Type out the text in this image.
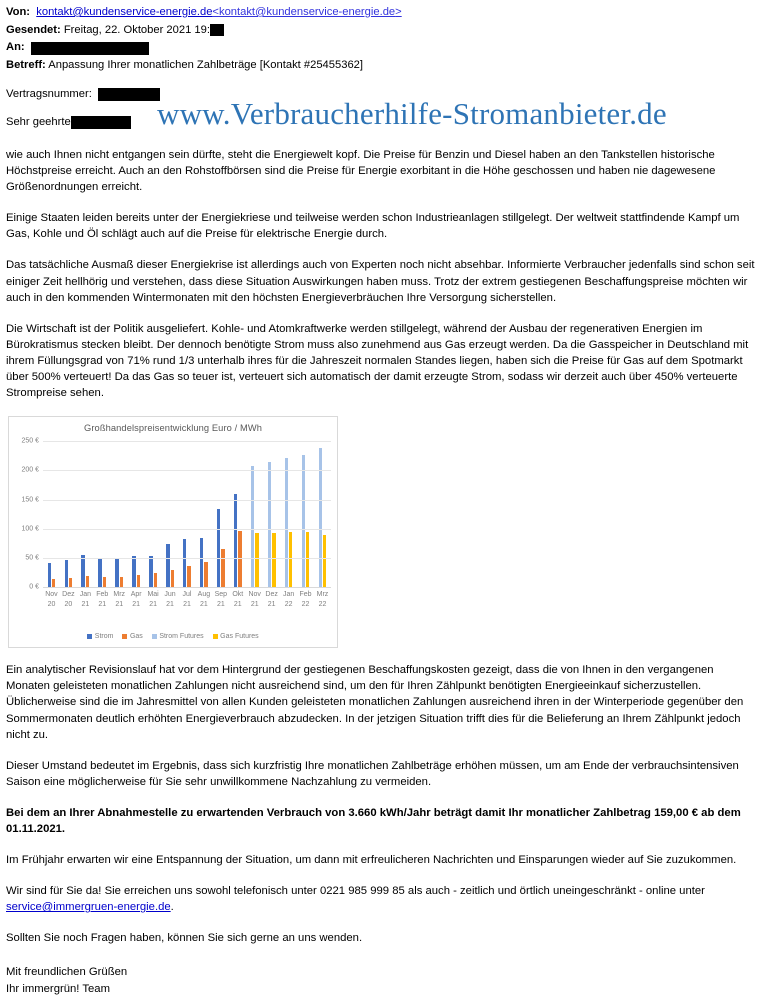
Von: kontakt@kundenservice-energie.de<kontakt@kundenservice-energie.de>
Gesendet: Freitag, 22. Oktober 2021 19:
An:
Betreff: Anpassung Ihrer monatlichen Zahlbeträge [Kontakt #25455362]
Vertragsnummer:
Sehr geehrte	www.Verbraucherhilfe-Stromanbieter.de

wie auch Ihnen nicht entgangen sein dürfte, steht die Energiewelt kopf. Die Preise für Benzin und Diesel haben an den Tankstellen historische Höchstpreise erreicht. Auch an den Rohstoffbörsen sind die Preise für Energie exorbitant in die Höhe geschossen und haben nie dagewesene Größenordnungen erreicht.

Einige Staaten leiden bereits unter der Energiekriese und teilweise werden schon Industrieanlagen stillgelegt. Der weltweit stattfindende Kampf um Gas, Kohle und Öl schlägt auch auf die Preise für elektrische Energie durch.

Das tatsächliche Ausmaß dieser Energiekrise ist allerdings auch von Experten noch nicht absehbar. Informierte Verbraucher jedenfalls sind schon seit einiger Zeit hellhörig und verstehen, dass diese Situation Auswirkungen haben muss. Trotz der extrem gestiegenen Beschaffungspreise möchten wir auch in den kommenden Wintermonaten mit den höchsten Energieverbräuchen Ihre Versorgung sicherstellen.

Die Wirtschaft ist der Politik ausgeliefert. Kohle- und Atomkraftwerke werden stillgelegt, während der Ausbau der regenerativen Energien im Bürokratismus stecken bleibt. Der dennoch benötigte Strom muss also zunehmend aus Gas erzeugt werden. Da die Gasspeicher in Deutschland mit ihrem Füllungsgrad von 71% rund 1/3 unterhalb ihres für die Jahreszeit normalen Standes liegen, haben sich die Preise für Gas auf dem Spotmarkt über 500% verteuert! Da das Gas so teuer ist, verteuert sich automatisch der damit erzeugte Strom, sodass wir derzeit auch über 450% verteuerte Strompreise sehen.

Großhandelspreisentwicklung Euro / MWh
250 €
200 €
150 €
100 €
50 €
0 €
Nov
20
Dez
20
Jan
21
Feb
21
Mrz
21
Apr
21
Mai
21
Jun
21
Jul 21
Aug
21
Sep
21
Okt
21
Nov
21
Dez
21
Jan
22
Feb
22
Mrz
22
Strom Gas Strom Futures Gas Futures

Ein analytischer Revisionslauf hat vor dem Hintergrund der gestiegenen Beschaffungskosten gezeigt, dass die von Ihnen in den vergangenen Monaten geleisteten monatlichen Zahlungen nicht ausreichend sind, um den für Ihren Zählpunkt benötigten Energieeinkauf sicherzustellen. Üblicherweise sind die im Jahresmittel von allen Kunden geleisteten monatlichen Zahlungen ausreichend ihren in der Winterperiode gegenüber den Sommermonaten deutlich erhöhten Energieverbrauch abzudecken. In der jetzigen Situation trifft dies für die Belieferung an Ihrem Zählpunkt jedoch nicht zu.

Dieser Umstand bedeutet im Ergebnis, dass sich kurzfristig Ihre monatlichen Zahlbeträge erhöhen müssen, um am Ende der verbrauchsintensiven Saison eine möglicherweise für Sie sehr unwillkommene Nachzahlung zu vermeiden.

Bei dem an Ihrer Abnahmestelle zu erwartenden Verbrauch von 3.660 kWh/Jahr beträgt damit Ihr monatlicher Zahlbetrag 159,00 € ab dem 01.11.2021.

Im Frühjahr erwarten wir eine Entspannung der Situation, um dann mit erfreulicheren Nachrichten und Einsparungen wieder auf Sie zuzukommen.

Wir sind für Sie da! Sie erreichen uns sowohl telefonisch unter 0221 985 999 85 als auch - zeitlich und örtlich uneingeschränkt - online unter service@immergruen-energie.de.

Sollten Sie noch Fragen haben, können Sie sich gerne an uns wenden.

Mit freundlichen Grüßen
Ihr immergrün! Team
